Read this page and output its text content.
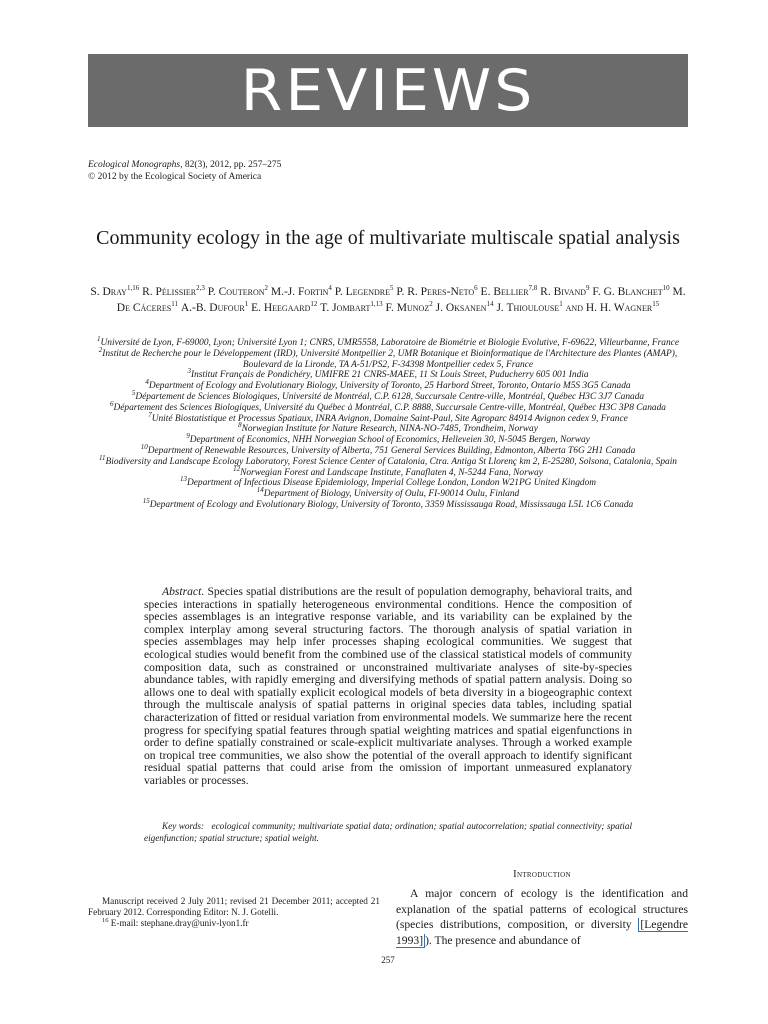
REVIEWS
Ecological Monographs, 82(3), 2012, pp. 257–275
© 2012 by the Ecological Society of America
Community ecology in the age of multivariate multiscale spatial analysis
S. Dray$^{1,16}$ R. Pélissier$^{2,3}$ P. Couteron$^2$ M.-J. Fortin$^4$ P. Legendre$^5$ P. R. Peres-Neto$^6$ E. Bellier$^{7,8}$ R. Bivand$^9$ F. G. Blanchet$^{10}$ M. De Cáceres$^{11}$ A.-B. Dufour$^1$ E. Heegaard$^{12}$ T. Jombart$^{1,13}$ F. Munoz$^2$ J. Oksanen$^{14}$ J. Thioulouse$^1$ and H. H. Wagner$^{15}$

$^1$Université de Lyon, F-69000, Lyon; Université Lyon 1; CNRS, UMR5558, Laboratoire de Biométrie et Biologie Evolutive, F-69622, Villeurbanne, France

$^2$Institut de Recherche pour le Développement (IRD), Université Montpellier 2, UMR Botanique et Bioinformatique de l'Architecture des Plantes (AMAP), Boulevard de la Lironde, TA A-51/PS2, F-34398 Montpellier cedex 5, France

$^3$Institut Français de Pondichéry, UMIFRE 21 CNRS-MAEE, 11 St Louis Street, Puducherry 605 001 India

$^4$Department of Ecology and Evolutionary Biology, University of Toronto, 25 Harbord Street, Toronto, Ontario M5S 3G5 Canada

$^5$Département de Sciences Biologiques, Université de Montréal, C.P. 6128, Succursale Centre-ville, Montréal, Québec H3C 3J7 Canada

$^6$Département des Sciences Biologiques, Université du Québec à Montréal, C.P. 8888, Succursale Centre-ville, Montréal, Québec H3C 3P8 Canada

$^7$Unité Biostatistique et Processus Spatiaux, INRA Avignon, Domaine Saint-Paul, Site Agroparc 84914 Avignon cedex 9, France

$^8$Norwegian Institute for Nature Research, NINA-NO-7485, Trondheim, Norway

$^9$Department of Economics, NHH Norwegian School of Economics, Helleveien 30, N-5045 Bergen, Norway

$^{10}$Department of Renewable Resources, University of Alberta, 751 General Services Building, Edmonton, Alberta T6G 2H1 Canada

$^{11}$Biodiversity and Landscape Ecology Laboratory, Forest Science Center of Catalonia, Ctra. Antiga St Llorenç km 2, E-25280, Solsona, Catalonia, Spain

$^{12}$Norwegian Forest and Landscape Institute, Fanaflaten 4, N-5244 Fana, Norway

$^{13}$Department of Infectious Disease Epidemiology, Imperial College London, London W21PG United Kingdom

$^{14}$Department of Biology, University of Oulu, FI-90014 Oulu, Finland

$^{15}$Department of Ecology and Evolutionary Biology, University of Toronto, 3359 Mississauga Road, Mississauga L5L 1C6 Canada

Abstract. Species spatial distributions are the result of population demography, behavioral traits, and species interactions in spatially heterogeneous environmental conditions. Hence the composition of species assemblages is an integrative response variable, and its variability can be explained by the complex interplay among several structuring factors. The thorough analysis of spatial variation in species assemblages may help infer processes shaping ecological communities. We suggest that ecological studies would benefit from the combined use of the classical statistical models of community composition data, such as constrained or unconstrained multivariate analyses of site-by-species abundance tables, with rapidly emerging and diversifying methods of spatial pattern analysis. Doing so allows one to deal with spatially explicit ecological models of beta diversity in a biogeographic context through the multiscale analysis of spatial patterns in original species data tables, including spatial characterization of fitted or residual variation from environmental models. We summarize here the recent progress for specifying spatial features through spatial weighting matrices and spatial eigenfunctions in order to define spatially constrained or scale-explicit multivariate analyses. Through a worked example on tropical tree communities, we also show the potential of the overall approach to identify significant residual spatial patterns that could arise from the omission of important unmeasured explanatory variables or processes.
Key words: ecological community; multivariate spatial data; ordination; spatial autocorrelation; spatial connectivity; spatial eigenfunction; spatial structure; spatial weight.
Introduction
A major concern of ecology is the identification and explanation of the spatial patterns of ecological structures (species distributions, composition, or diversity [Legendre 1993] ). The presence and abundance of

Manuscript received 2 July 2011; revised 21 December 2011; accepted 21 February 2012. Corresponding Editor: N. J. Gotelli.

$^{16}$ E-mail: stephane.dray@univ-lyon1.fr

257
